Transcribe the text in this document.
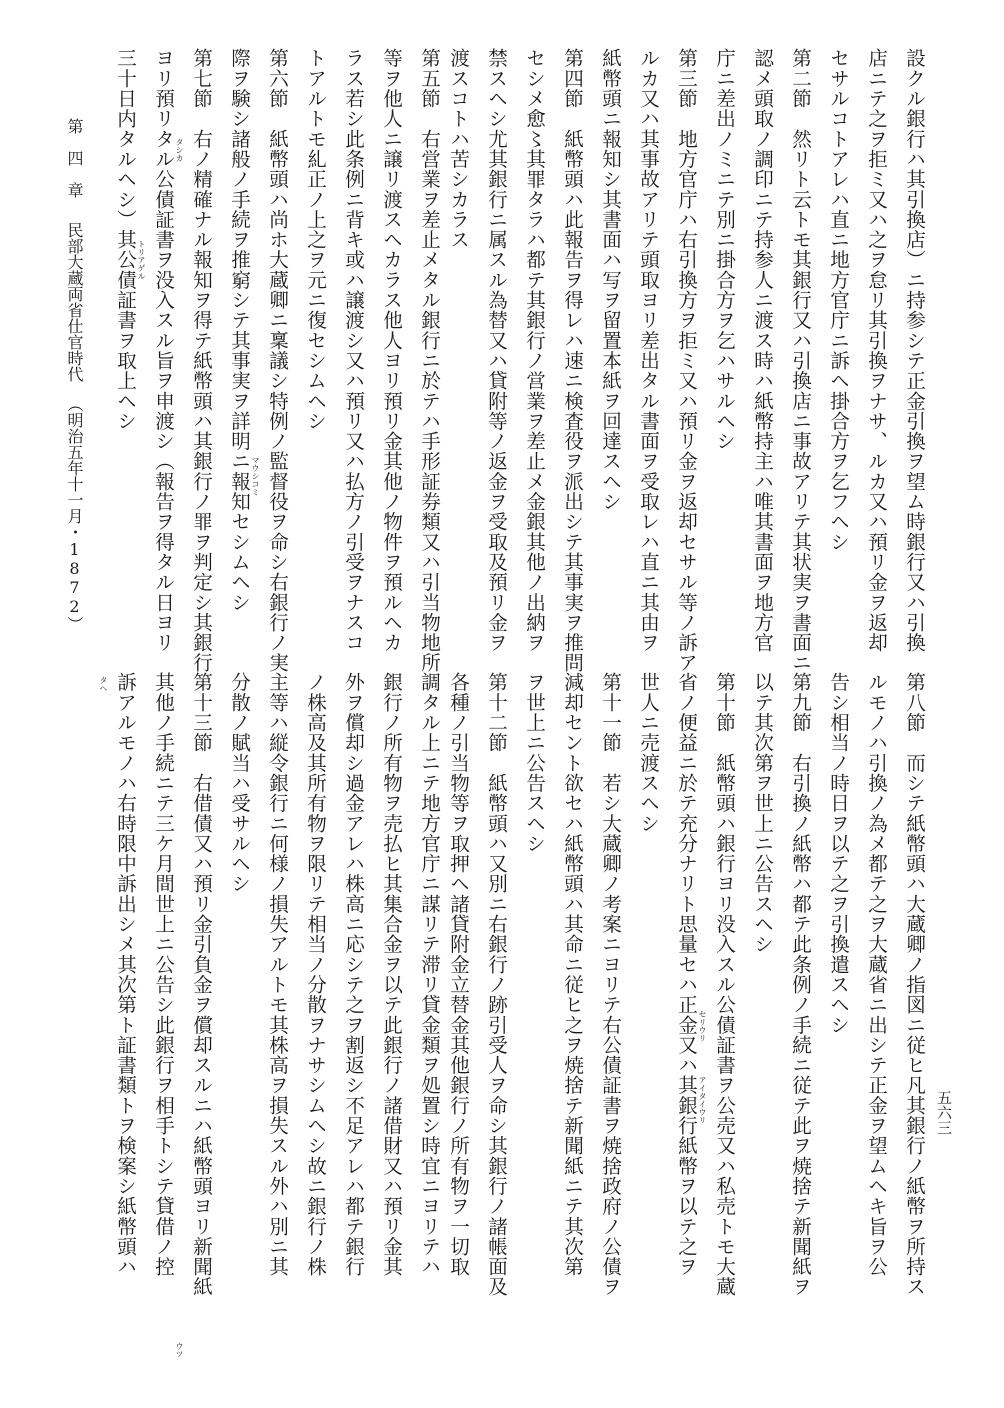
第　四　章民部大蔵両省仕官時代（明治五年十一月・1872）
五六三
設クル銀行ハ其引換店）ニ持参シテ正金引換ヲ望ム時銀行又ハ引換
店ニテ之ヲ拒ミ又ハ之ヲ怠リ其引換ヲナサ、ルカ又ハ預リ金ヲ返却
セサルコトアレハ直ニ地方官庁ニ訴ヘ掛合方ヲ乞フヘシ
第二節　然リト云トモ其銀行又ハ引換店ニ事故アリテ其状実ヲ書面ニ
認メ頭取ノ調印ニテ持参人ニ渡ス時ハ紙幣持主ハ唯其書面ヲ地方官
庁ニ差出ノミニテ別ニ掛合方ヲ乞ハサルヘシ
第三節　地方官庁ハ右引換方ヲ拒ミ又ハ預リ金ヲ返却セサル等ノ訴ア
ルカ又ハ其事故アリテ頭取ヨリ差出タル書面ヲ受取レハ直ニ其由ヲ
紙幣頭ニ報知シ其書面ハ写ヲ留置本紙ヲ回達スヘシ
第四節　紙幣頭ハ此報告ヲ得レハ速ニ検査役ヲ派出シテ其事実ヲ推問
セシメ愈〻其罪タラハ都テ其銀行ノ営業ヲ差止メ金銀其他ノ出納ヲ
禁スヘシ尤其銀行ニ属スル為替又ハ貸附等ノ返金ヲ受取及預リ金ヲ
渡スコトハ苦シカラス
第五節　右営業ヲ差止メタル銀行ニ於テハ手形証券類又ハ引当物地所
等ヲ他人ニ譲リ渡スヘカラス他人ヨリ預リ金其他ノ物件ヲ預ルヘカ
ラス若シ此条例ニ背キ或ハ譲渡シ又ハ預リ又ハ払方ノ引受ヲナスコ
トアルトモ糺正ノ上之ヲ元ニ復セシムヘシ
第六節　紙幣頭ハ尚ホ大蔵卿ニ稟議シ特例ノ監督役ヲ命シ右銀行ノ実
際ヲ験シ諸般ノ手続ヲ推窮シテ其事実ヲ詳明ニ報知セシムヘシ
第七節　右ノ精確ナル報知ヲ得テ紙幣頭ハ其銀行ノ罪ヲ判定シ其銀行
ヨリ預リタル公債証書ヲ没入スル旨ヲ申渡シ（報告ヲ得タル日ヨリ
三十日内タルヘシ）其公債証書ヲ取上ヘシ
第八節　而シテ紙幣頭ハ大蔵卿ノ指図ニ従ヒ凡其銀行ノ紙幣ヲ所持ス
ルモノハ引換ノ為メ都テ之ヲ大蔵省ニ出シテ正金ヲ望ムヘキ旨ヲ公
告シ相当ノ時日ヲ以テ之ヲ引換遣スヘシ
第九節　右引換ノ紙幣ハ都テ此条例ノ手続ニ従テ此ヲ焼捨テ新聞紙ヲ
以テ其次第ヲ世上ニ公告スヘシ
第十節　紙幣頭ハ銀行ヨリ没入スル公債証書ヲ公売又ハ私売トモ大蔵
省ノ便益ニ於テ充分ナリト思量セハ正金又ハ其銀行紙幣ヲ以テ之ヲ
世人ニ売渡スヘシ
第十一節　若シ大蔵卿ノ考案ニヨリテ右公債証書ヲ焼捨政府ノ公債ヲ
減却セント欲セハ紙幣頭ハ其命ニ従ヒ之ヲ焼捨テ新聞紙ニテ其次第
ヲ世上ニ公告スヘシ
第十二節　紙幣頭ハ又別ニ右銀行ノ跡引受人ヲ命シ其銀行ノ諸帳面及
各種ノ引当物等ヲ取押ヘ諸貸附金立替金其他銀行ノ所有物ヲ一切取
調タル上ニテ地方官庁ニ謀リテ滞リ貸金類ヲ処置シ時宜ニヨリテハ
銀行ノ所有物ヲ売払ヒ其集合金ヲ以テ此銀行ノ諸借財又ハ預リ金其
外ヲ償却シ過金アレハ株高ニ応シテ之ヲ割返シ不足アレハ都テ銀行
ノ株高及其所有物ヲ限リテ相当ノ分散ヲナサシムヘシ故ニ銀行ノ株
主等ハ縦令銀行ニ何様ノ損失アルトモ其株高ヲ損失スル外ハ別ニ其
分散ノ賦当ハ受サルヘシ
第十三節　右借債又ハ預リ金引負金ヲ償却スルニハ紙幣頭ヨリ新聞紙
其他ノ手続ニテ三ケ月間世上ニ公告シ此銀行ヲ相手トシテ貸借ノ控
訴アルモノハ右時限中訴出シメ其次第ト証書類トヲ検案シ紙幣頭ハ
タシカ
トリアゲル
マウシコミ
セリウリ
アイタイウリ
ウツ
タヘ
